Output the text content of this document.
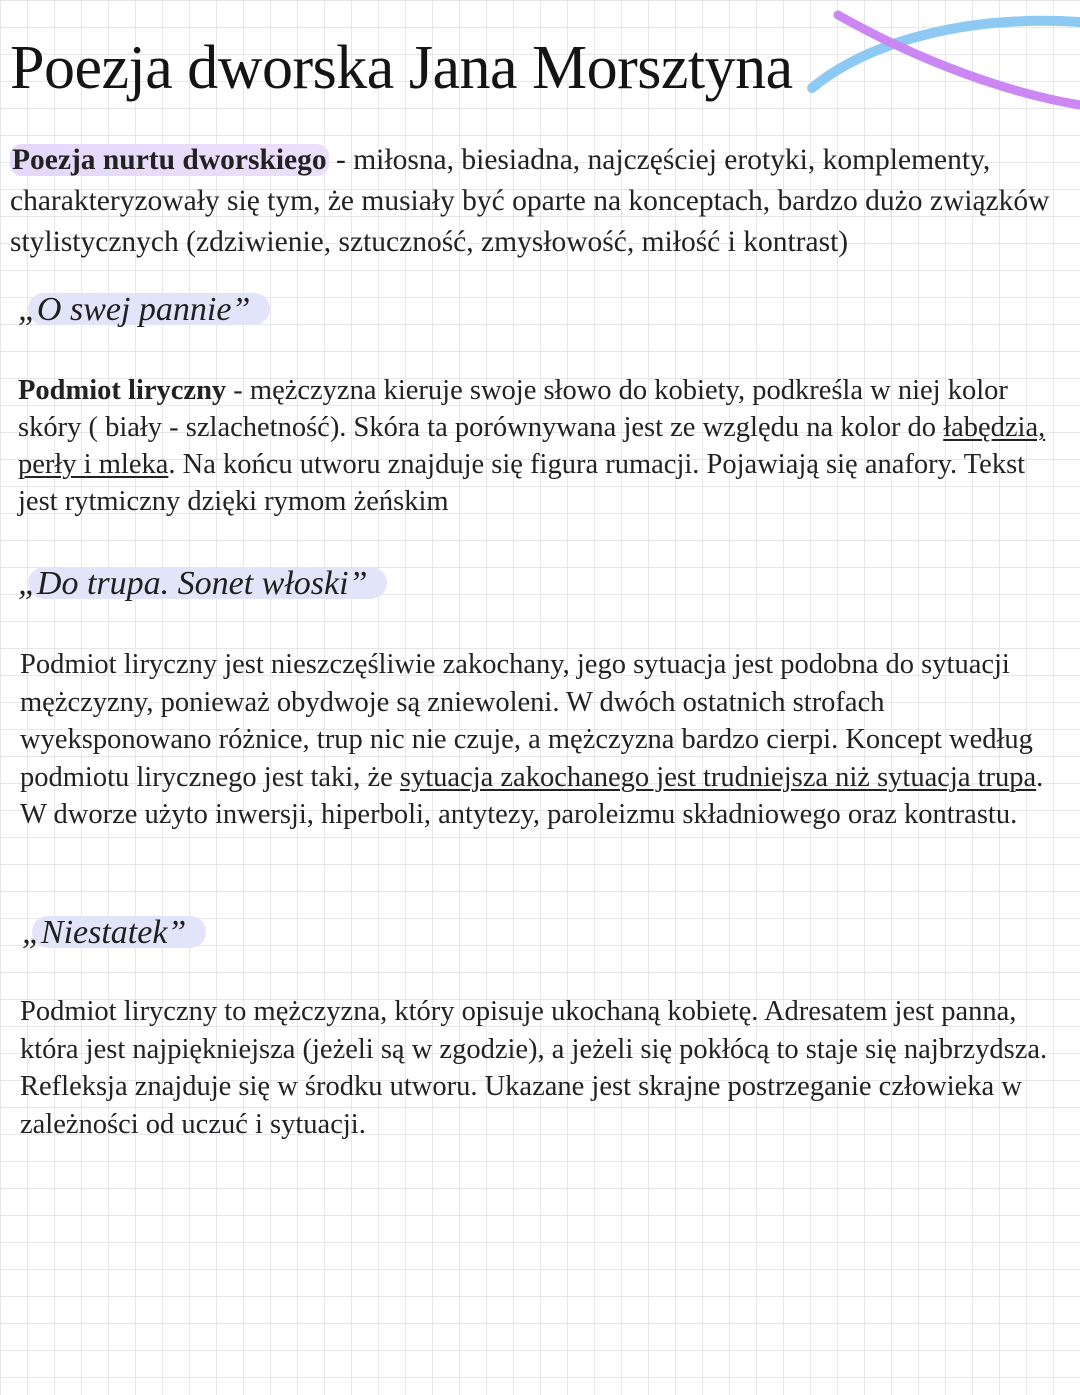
Poezja dworska Jana Morsztyna

Poezja nurtu dworskiego - miłosna, biesiadna, najczęściej erotyki, komplementy, charakteryzowały się tym, że musiały być oparte na konceptach, bardzo dużo związków stylistycznych (zdziwienie, sztuczność, zmysłowość, miłość i kontrast)

„O swej pannie”

Podmiot liryczny - mężczyzna kieruje swoje słowo do kobiety, podkreśla w niej kolor skóry ( biały - szlachetność). Skóra ta porównywana jest ze względu na kolor do łabędzia, perły i mleka. Na końcu utworu znajduje się figura rumacji. Pojawiają się anafory. Tekst jest rytmiczny dzięki rymom żeńskim

„Do trupa. Sonet włoski”

Podmiot liryczny jest nieszczęśliwie zakochany, jego sytuacja jest podobna do sytuacji mężczyzny, ponieważ obydwoje są zniewoleni. W dwóch ostatnich strofach wyeksponowano różnice, trup nic nie czuje, a mężczyzna bardzo cierpi. Koncept według podmiotu lirycznego jest taki, że sytuacja zakochanego jest trudniejsza niż sytuacja trupa. W dworze użyto inwersji, hiperboli, antytezy, paroleizmu składniowego oraz kontrastu.

„Niestatek”

Podmiot liryczny to mężczyzna, który opisuje ukochaną kobietę. Adresatem jest panna, która jest najpiękniejsza (jeżeli są w zgodzie), a jeżeli się pokłócą to staje się najbrzydsza. Refleksja znajduje się w środku utworu. Ukazane jest skrajne postrzeganie człowieka w zależności od uczuć i sytuacji.
